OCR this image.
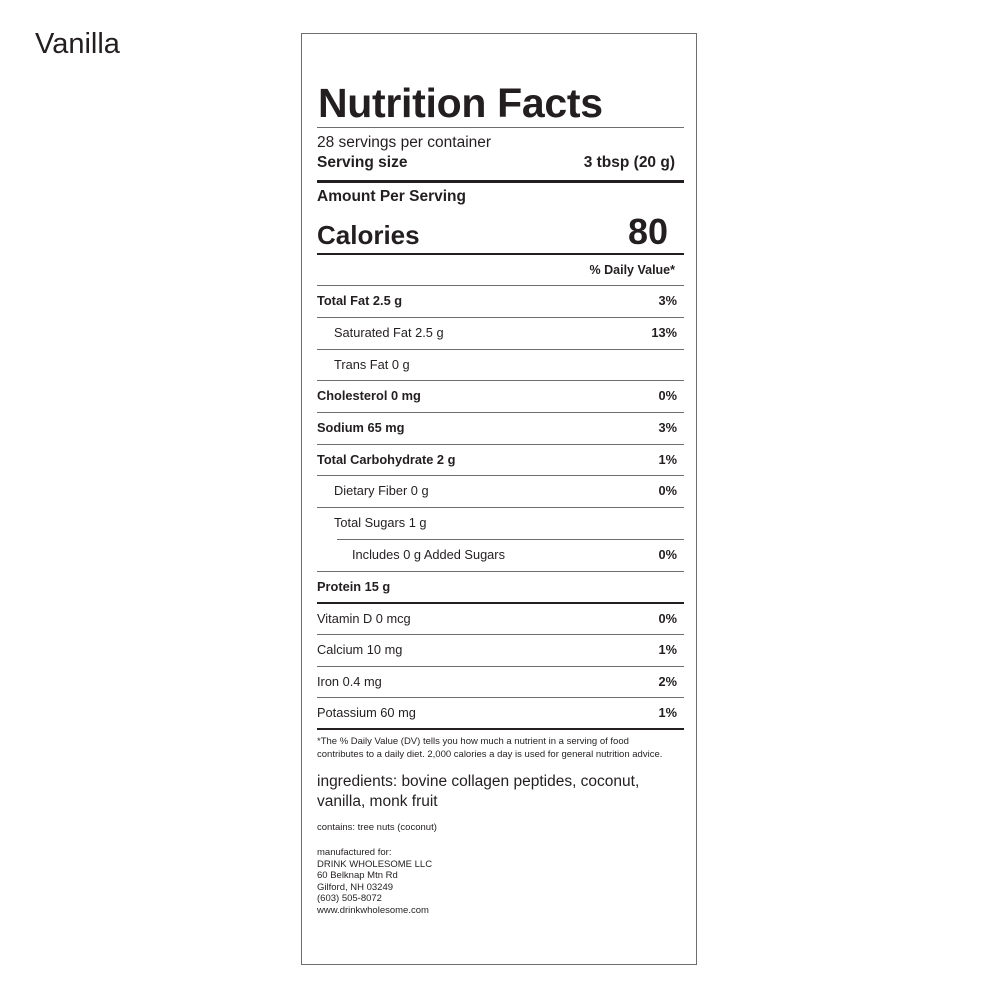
Vanilla
Nutrition Facts
28 servings per container
Serving size	3 tbsp (20 g)
Amount Per Serving
Calories	80
% Daily Value*
Total Fat 2.5 g	3%
Saturated Fat 2.5 g	13%
Trans Fat 0 g
Cholesterol 0 mg	0%
Sodium 65 mg	3%
Total Carbohydrate 2 g	1%
Dietary Fiber 0 g	0%
Total Sugars 1 g
Includes 0 g Added Sugars	0%
Protein 15 g
Vitamin D 0 mcg	0%
Calcium 10 mg	1%
Iron 0.4 mg	2%
Potassium 60 mg	1%
*The % Daily Value (DV) tells you how much a nutrient in a serving of food contributes to a daily diet. 2,000 calories a day is used for general nutrition advice.
ingredients: bovine collagen peptides, coconut, vanilla, monk fruit
contains: tree nuts (coconut)
manufactured for:
DRINK WHOLESOME LLC
60 Belknap Mtn Rd
Gilford, NH 03249
(603) 505-8072
www.drinkwholesome.com
